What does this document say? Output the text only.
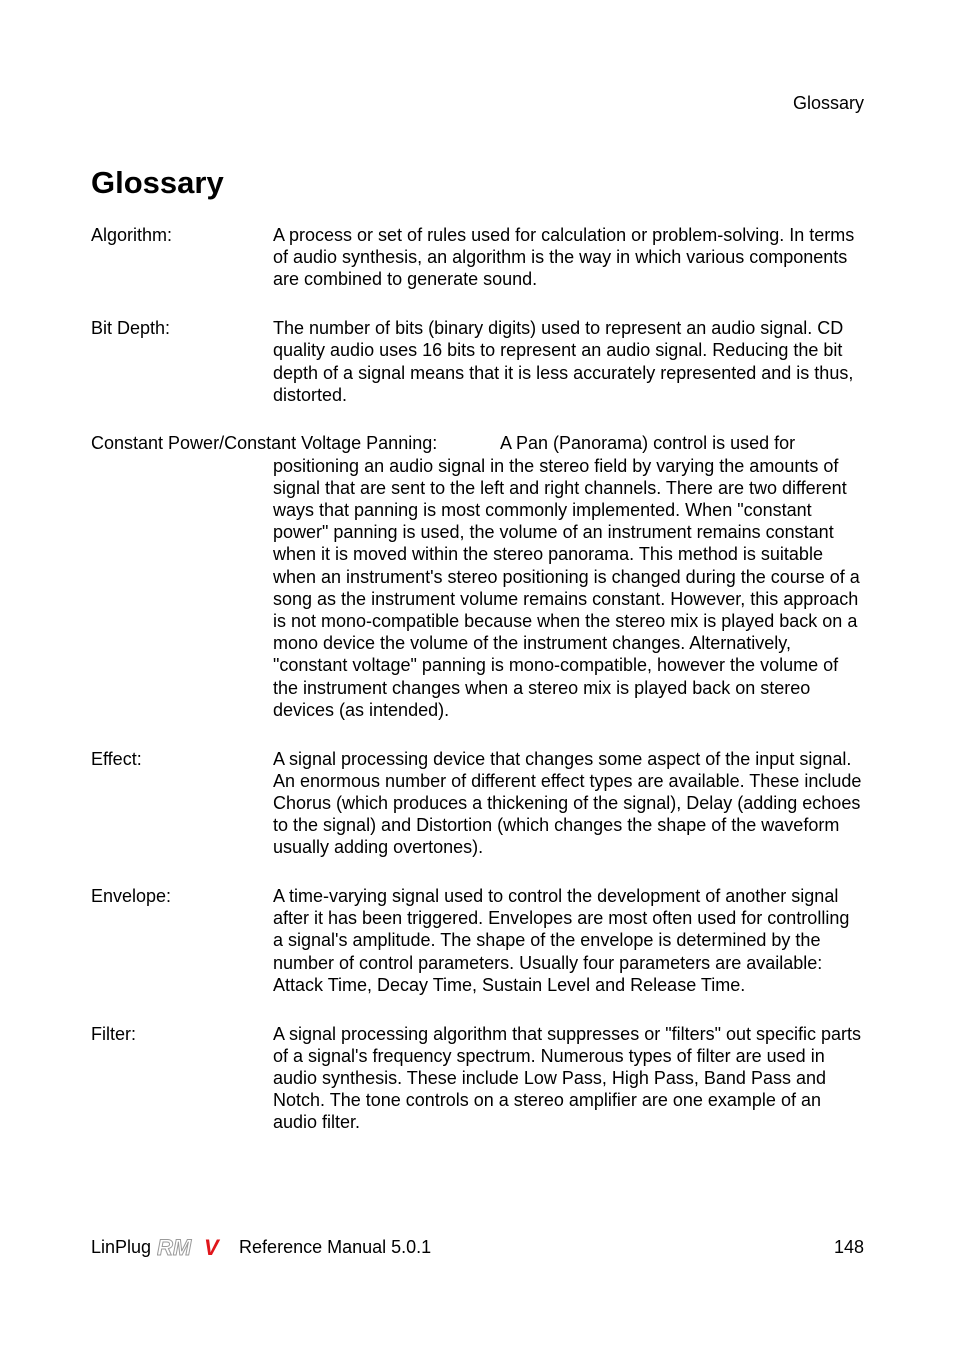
Glossary
Glossary
Algorithm:	A process or set of rules used for calculation or problem-solving. In terms of audio synthesis, an algorithm is the way in which various components are combined to generate sound.
Bit Depth:	The number of bits (binary digits) used to represent an audio signal. CD quality audio uses 16 bits to represent an audio signal. Reducing the bit depth of a signal means that it is less accurately represented and is thus, distorted.
Constant Power/Constant Voltage Panning:	A Pan (Panorama) control is used for
positioning an audio signal in the stereo field by varying the amounts of signal that are sent to the left and right channels. There are two different ways that panning is most commonly implemented. When "constant power" panning is used, the volume of an instrument remains constant when it is moved within the stereo panorama. This method is suitable when an instrument's stereo positioning is changed during the course of a song as the instrument volume remains constant. However, this approach is not mono-compatible because when the stereo mix is played back on a mono device the volume of the instrument changes. Alternatively, "constant voltage" panning is mono-compatible, however the volume of the instrument changes when a stereo mix is played back on stereo devices (as intended).
Effect:	A signal processing device that changes some aspect of the input signal. An enormous number of different effect types are available. These include Chorus (which produces a thickening of the signal), Delay (adding echoes to the signal) and Distortion (which changes the shape of the waveform usually adding overtones).
Envelope:	A time-varying signal used to control the development of another signal after it has been triggered. Envelopes are most often used for controlling a signal's amplitude. The shape of the envelope is determined by the number of control parameters. Usually four parameters are available: Attack Time, Decay Time, Sustain Level and Release Time.
Filter:	A signal processing algorithm that suppresses or "filters" out specific parts of a signal's frequency spectrum. Numerous types of filter are used in audio synthesis. These include Low Pass, High Pass, Band Pass and Notch. The tone controls on a stereo amplifier are one example of an audio filter.
LinPlug RM V Reference Manual 5.0.1	148
